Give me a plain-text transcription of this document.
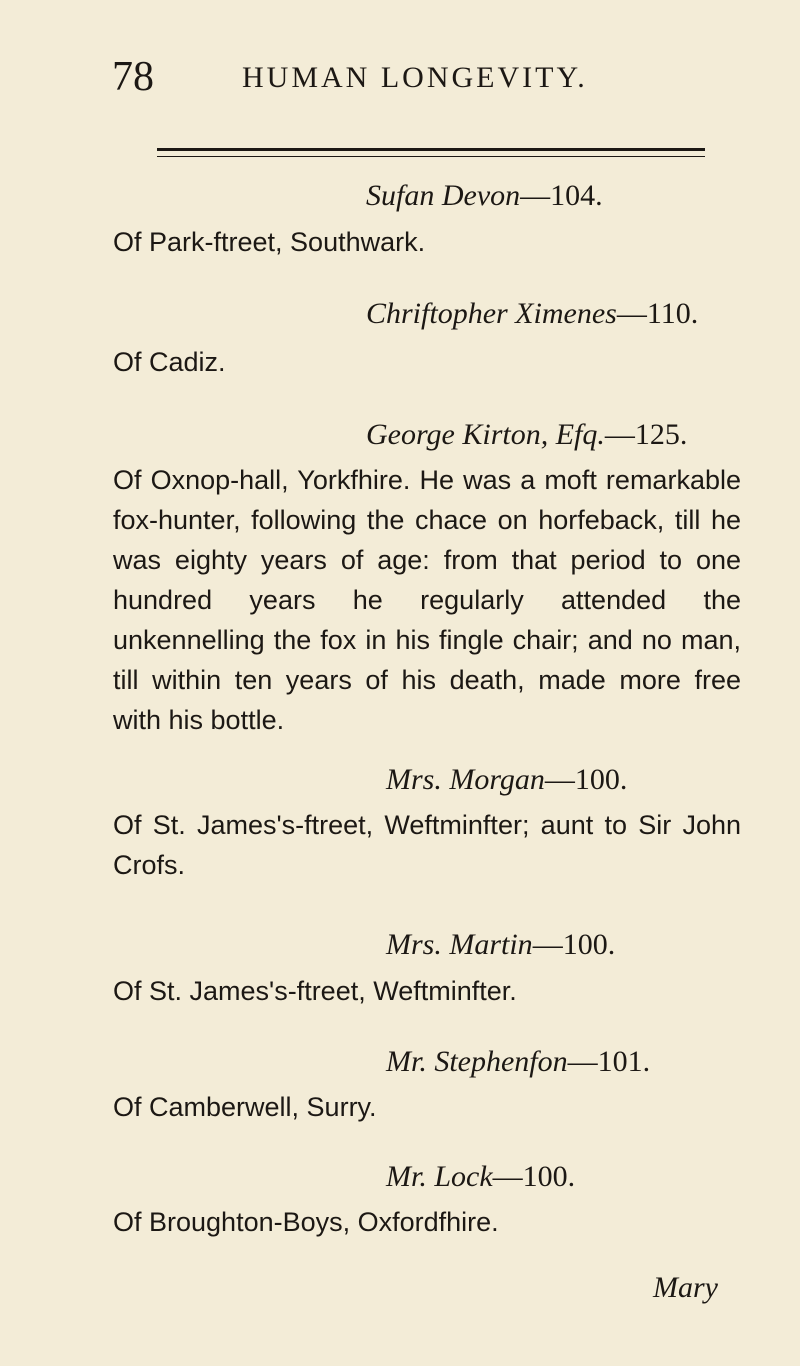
78	HUMAN LONGEVITY.
Sufan Devon—104.
Of Park-ftreet, Southwark.
Chriftopher Ximenes—110.
Of Cadiz.
George Kirton, Efq.—125.
Of Oxnop-hall, Yorkfhire. He was a moft remarkable fox-hunter, following the chace on horfeback, till he was eighty years of age: from that period to one hundred years he regularly attended the unkennelling the fox in his fingle chair; and no man, till within ten years of his death, made more free with his bottle.
Mrs. Morgan—100.
Of St. James's-ftreet, Weftminfter; aunt to Sir John Crofs.
Mrs. Martin—100.
Of St. James's-ftreet, Weftminfter.
Mr. Stephenfon—101.
Of Camberwell, Surry.
Mr. Lock—100.
Of Broughton-Boys, Oxfordfhire.
Mary
